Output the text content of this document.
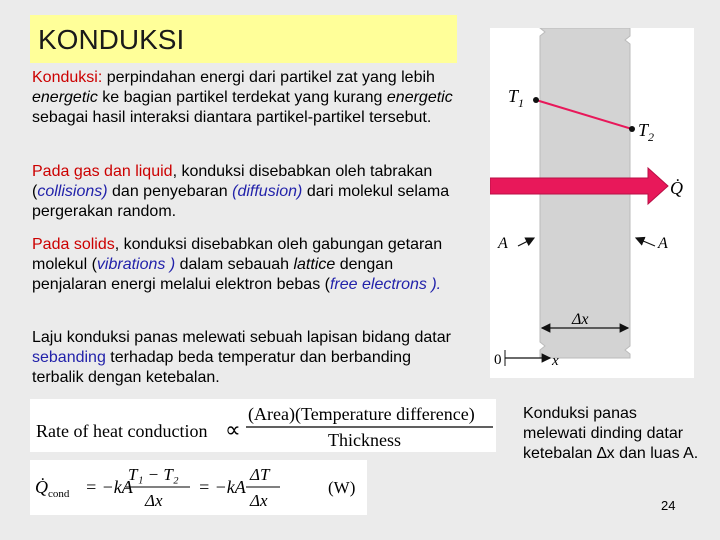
KONDUKSI
Konduksi: perpindahan energi dari partikel zat yang lebih energetic ke bagian partikel terdekat yang kurang energetic sebagai hasil interaksi diantara partikel-partikel tersebut.
Pada gas dan liquid, konduksi disebabkan oleh tabrakan (collisions) dan penyebaran (diffusion) dari molekul selama pergerakan random.
Pada solids, konduksi disebabkan oleh gabungan getaran molekul (vibrations ) dalam sebauah lattice dengan penjalaran energi melalui elektron bebas (free electrons ).
Laju konduksi panas melewati sebuah lapisan bidang datar sebanding terhadap beda temperatur dan berbanding terbalik dengan ketebalan.
$T_1$
$T_2$
Q̇
A	A
Δx
0	x
Rate of heat conduction ∝
(Area)(Temperature difference)
Thickness
$Q̇_{cond} = -kA$
T₁ − T₂
Δx
= −kA
ΔT
Δx
(W)
Konduksi panas melewati dinding datar ketebalan ∆x dan luas A.
24
